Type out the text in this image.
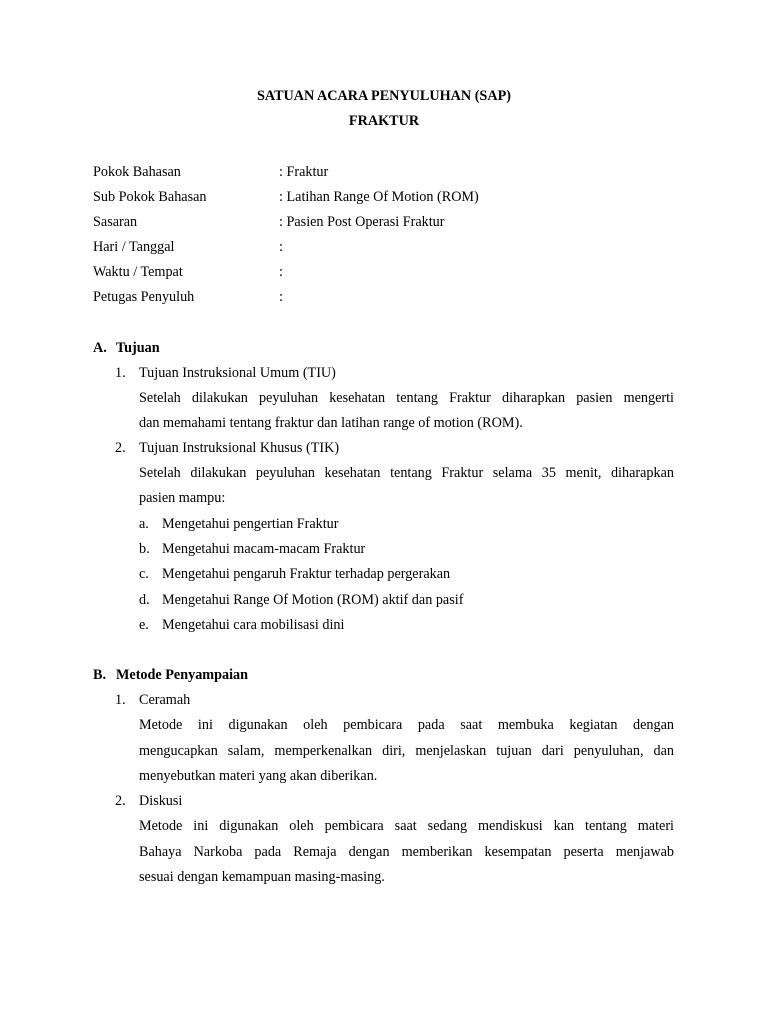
SATUAN ACARA PENYULUHAN (SAP)
FRAKTUR
Pokok Bahasan	: Fraktur
Sub Pokok Bahasan	: Latihan Range Of Motion (ROM)
Sasaran	: Pasien Post Operasi Fraktur
Hari / Tanggal	:
Waktu / Tempat	:
Petugas Penyuluh	:
A. Tujuan
1. Tujuan Instruksional Umum (TIU)
Setelah dilakukan peyuluhan kesehatan tentang Fraktur diharapkan pasien mengerti
dan memahami tentang fraktur dan latihan range of motion (ROM).
2. Tujuan Instruksional Khusus (TIK)
Setelah dilakukan peyuluhan kesehatan tentang Fraktur selama 35 menit, diharapkan
pasien mampu:
a. Mengetahui pengertian Fraktur
b. Mengetahui macam-macam Fraktur
c. Mengetahui pengaruh Fraktur terhadap pergerakan
d. Mengetahui Range Of Motion (ROM) aktif dan pasif
e. Mengetahui cara mobilisasi dini
B. Metode Penyampaian
1. Ceramah
Metode ini digunakan oleh pembicara pada saat membuka kegiatan dengan
mengucapkan salam, memperkenalkan diri, menjelaskan tujuan dari penyuluhan, dan
menyebutkan materi yang akan diberikan.
2. Diskusi
Metode ini digunakan oleh pembicara saat sedang mendiskusi kan tentang materi
Bahaya Narkoba pada Remaja dengan memberikan kesempatan peserta menjawab
sesuai dengan kemampuan masing-masing.
